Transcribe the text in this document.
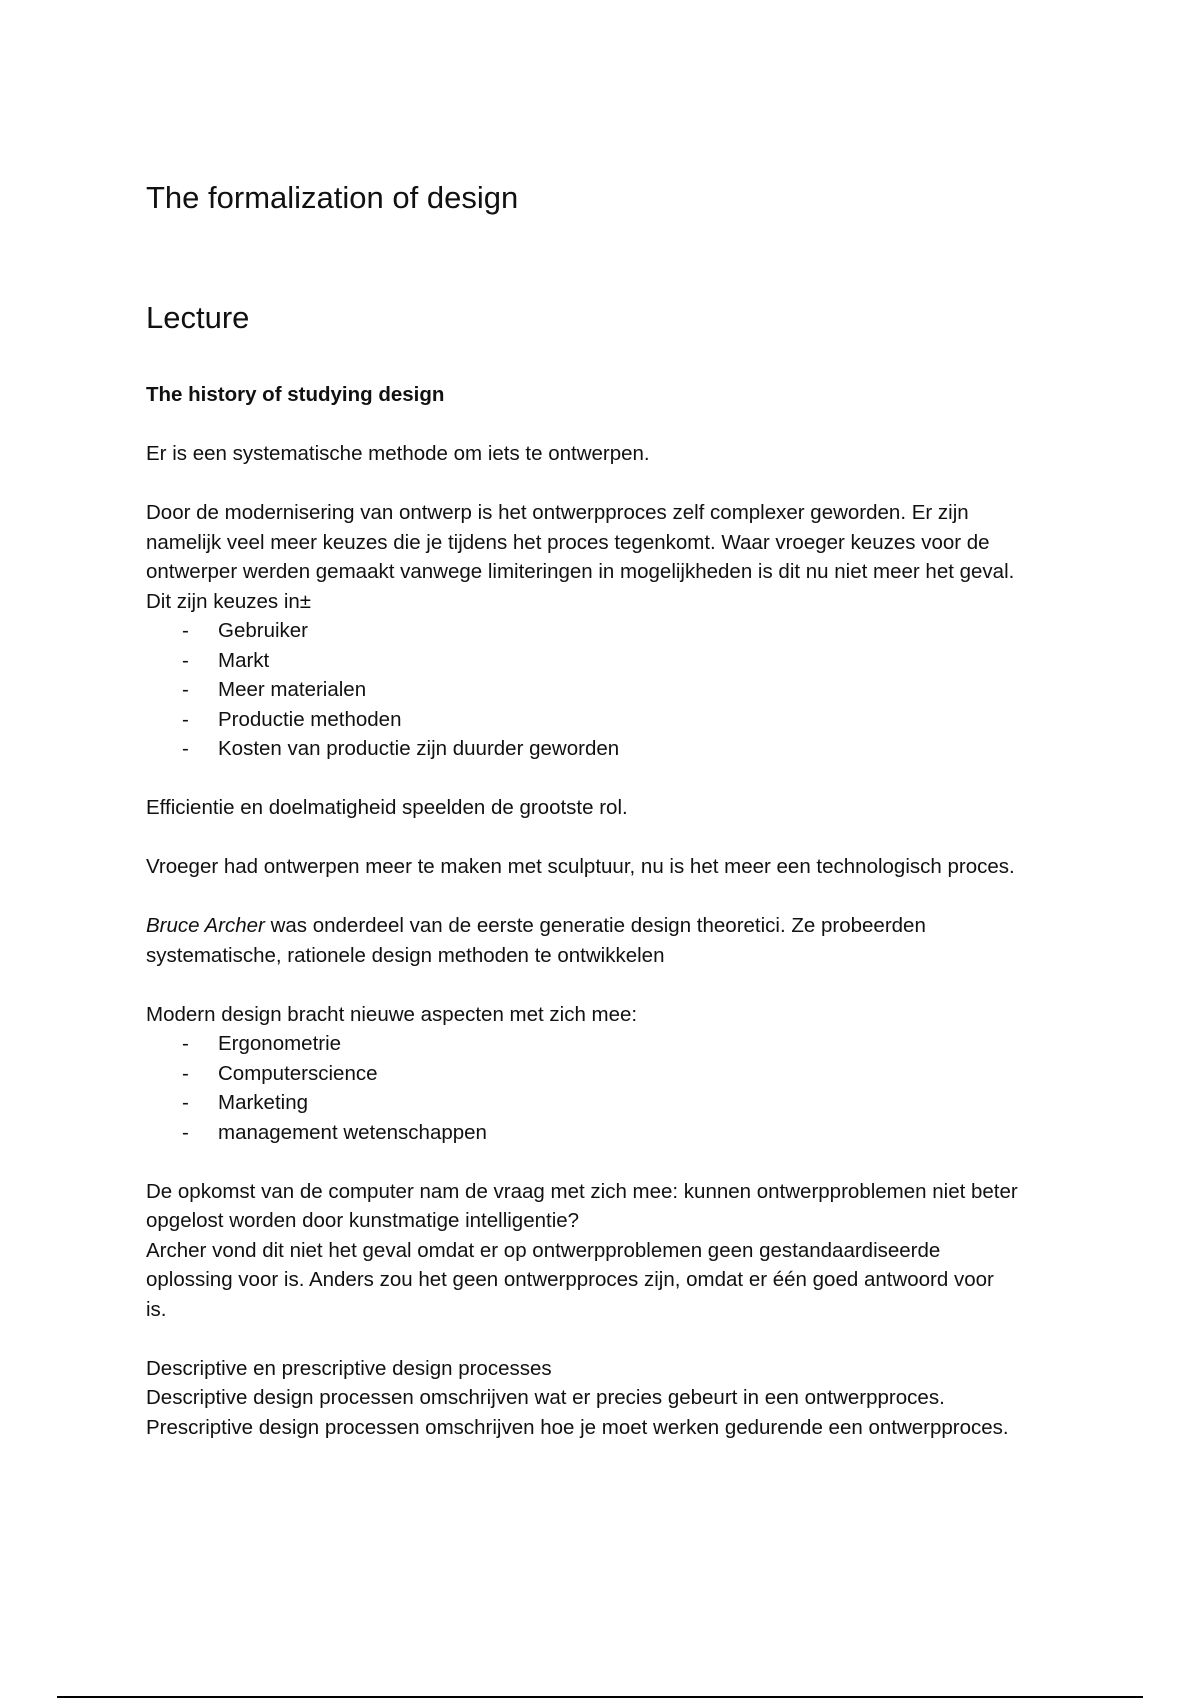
The formalization of design
Lecture

The history of studying design

Er is een systematische methode om iets te ontwerpen.

Door de modernisering van ontwerp is het ontwerpproces zelf complexer geworden. Er zijn

namelijk veel meer keuzes die je tijdens het proces tegenkomt. Waar vroeger keuzes voor de

ontwerper werden gemaakt vanwege limiteringen in mogelijkheden is dit nu niet meer het geval.

Dit zijn keuzes in±

- Gebruiker
- Markt
- Meer materialen
- Productie methoden
- Kosten van productie zijn duurder geworden

Efficientie en doelmatigheid speelden de grootste rol.

Vroeger had ontwerpen meer te maken met sculptuur, nu is het meer een technologisch proces.

Bruce Archer was onderdeel van de eerste generatie design theoretici. Ze probeerden

systematische, rationele design methoden te ontwikkelen

Modern design bracht nieuwe aspecten met zich mee:

- Ergonometrie
- Computerscience
- Marketing
- management wetenschappen

De opkomst van de computer nam de vraag met zich mee: kunnen ontwerpproblemen niet beter

opgelost worden door kunstmatige intelligentie?

Archer vond dit niet het geval omdat er op ontwerpproblemen geen gestandaardiseerde

oplossing voor is. Anders zou het geen ontwerpproces zijn, omdat er één goed antwoord voor

is.

Descriptive en prescriptive design processes

Descriptive design processen omschrijven wat er precies gebeurt in een ontwerpproces.

Prescriptive design processen omschrijven hoe je moet werken gedurende een ontwerpproces.
